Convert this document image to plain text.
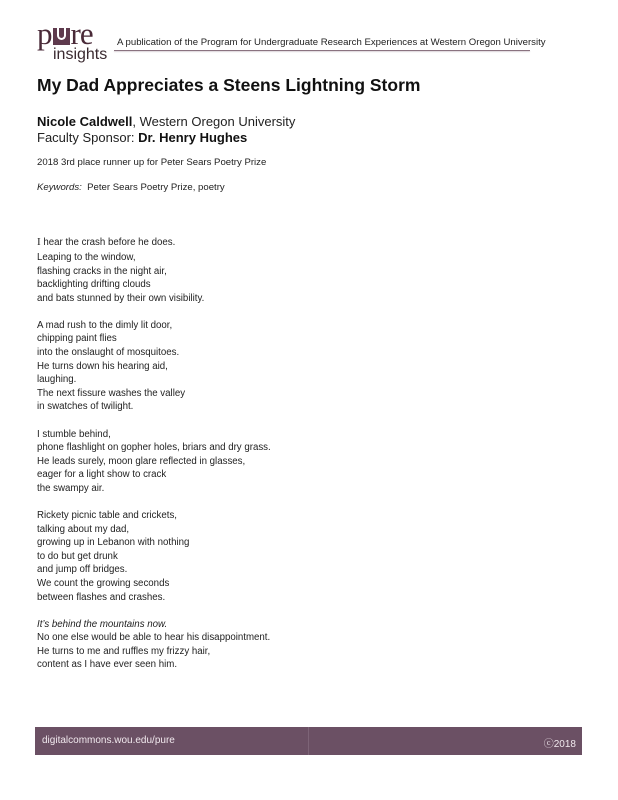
p re
insights
A publication of the Program for Undergraduate Research Experiences at Western Oregon University
My Dad Appreciates a Steens Lightning Storm
Nicole Caldwell, Western Oregon University
Faculty Sponsor: Dr. Henry Hughes
2018 3rd place runner up for Peter Sears Poetry Prize
Keywords: Peter Sears Poetry Prize, poetry
I hear the crash before he does.
Leaping to the window,
flashing cracks in the night air,
backlighting drifting clouds
and bats stunned by their own visibility.
A mad rush to the dimly lit door,
chipping paint flies
into the onslaught of mosquitoes.
He turns down his hearing aid,
laughing.
The next fissure washes the valley
in swatches of twilight.
I stumble behind,
phone flashlight on gopher holes, briars and dry grass.
He leads surely, moon glare reflected in glasses,
eager for a light show to crack
the swampy air.
Rickety picnic table and crickets,
talking about my dad,
growing up in Lebanon with nothing
to do but get drunk
and jump off bridges.
We count the growing seconds
between flashes and crashes.
It’s behind the mountains now.
No one else would be able to hear his disappointment.
He turns to me and ruffles my frizzy hair,
content as I have ever seen him.
digitalcommons.wou.edu/pure	ⓒ2018
